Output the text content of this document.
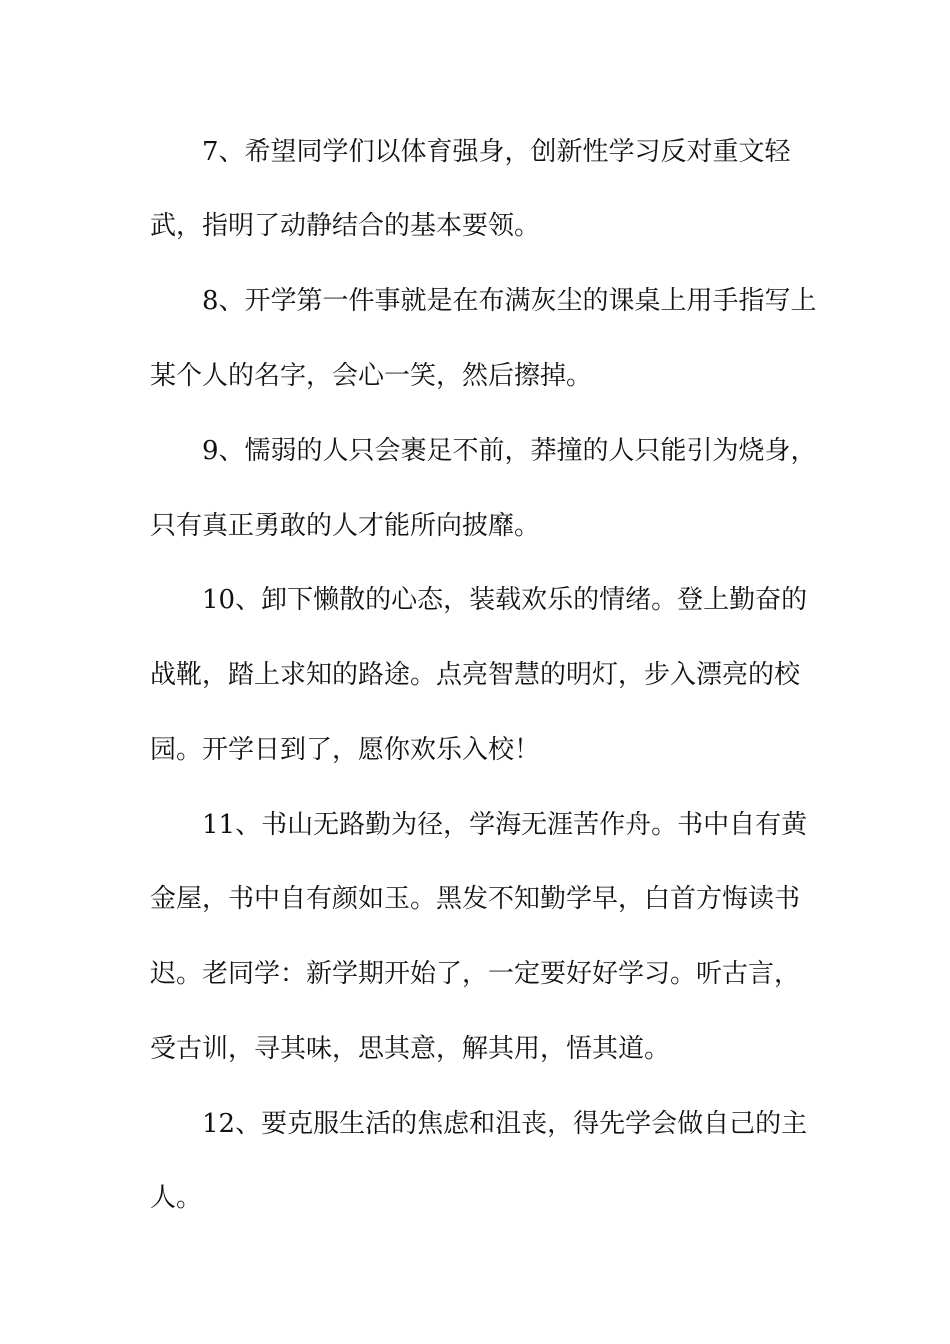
7、希望同学们以体育强身，创新性学习反对重文轻
武，指明了动静结合的基本要领。
8、开学第一件事就是在布满灰尘的课桌上用手指写上
某个人的名字，会心一笑，然后擦掉。
9、懦弱的人只会裹足不前，莽撞的人只能引为烧身，
只有真正勇敢的人才能所向披靡。
10、卸下懒散的心态，装载欢乐的情绪。登上勤奋的
战靴，踏上求知的路途。点亮智慧的明灯，步入漂亮的校
园。开学日到了，愿你欢乐入校！
11、书山无路勤为径，学海无涯苦作舟。书中自有黄
金屋，书中自有颜如玉。黑发不知勤学早，白首方悔读书
迟。老同学：新学期开始了，一定要好好学习。听古言，
受古训，寻其味，思其意，解其用，悟其道。
12、要克服生活的焦虑和沮丧，得先学会做自己的主
人。
